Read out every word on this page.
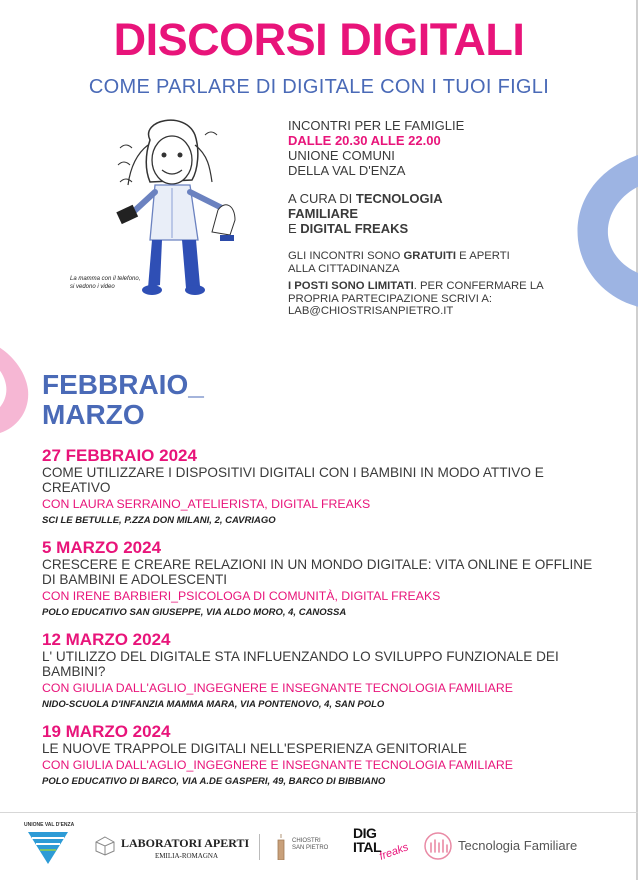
DISCORSI DIGITALI
COME PARLARE DI DIGITALE CON I TUOI FIGLI
La mamma con il telefono, si vedono i video
INCONTRI PER LE FAMIGLIE
DALLE 20.30 ALLE 22.00
UNIONE COMUNI
DELLA VAL D'ENZA
A CURA DI TECNOLOGIA
FAMILIARE
E DIGITAL FREAKS
GLI INCONTRI SONO GRATUITI E APERTI
ALLA CITTADINANZA
I POSTI SONO LIMITATI. PER CONFERMARE LA
PROPRIA PARTECIPAZIONE SCRIVI A:
LAB@CHIOSTRISANPIETRO.IT
FEBBRAIO_
MARZO
27 FEBBRAIO 2024
COME UTILIZZARE I DISPOSITIVI DIGITALI CON I BAMBINI IN MODO ATTIVO E CREATIVO
CON LAURA SERRAINO_ATELIERISTA, DIGITAL FREAKS
SCI LE BETULLE, P.ZZA DON MILANI, 2, CAVRIAGO
5 MARZO 2024
CRESCERE E CREARE RELAZIONI IN UN MONDO DIGITALE: VITA ONLINE E OFFLINE DI BAMBINI E ADOLESCENTI
CON IRENE BARBIERI_PSICOLOGA DI COMUNITÀ, DIGITAL FREAKS
POLO EDUCATIVO SAN GIUSEPPE, VIA ALDO MORO, 4, CANOSSA
12 MARZO 2024
L' UTILIZZO DEL DIGITALE STA INFLUENZANDO LO SVILUPPO FUNZIONALE DEI BAMBINI?
CON GIULIA DALL'AGLIO_INGEGNERE E INSEGNANTE TECNOLOGIA FAMILIARE
NIDO-SCUOLA D'INFANZIA MAMMA MARA, VIA PONTENOVO, 4, SAN POLO
19 MARZO 2024
LE NUOVE TRAPPOLE DIGITALI NELL'ESPERIENZA GENITORIALE
CON GIULIA DALL'AGLIO_INGEGNERE E INSEGNANTE TECNOLOGIA FAMILIARE
POLO EDUCATIVO DI BARCO, VIA A.DE GASPERI, 49, BARCO DI BIBBIANO
UNIONE VAL D'ENZA
LABORATORI APERTI
EMILIA-ROMAGNA
CHIOSTRI
SAN PIETRO
DIG
ITAL
freaks	Tecnologia Familiare
